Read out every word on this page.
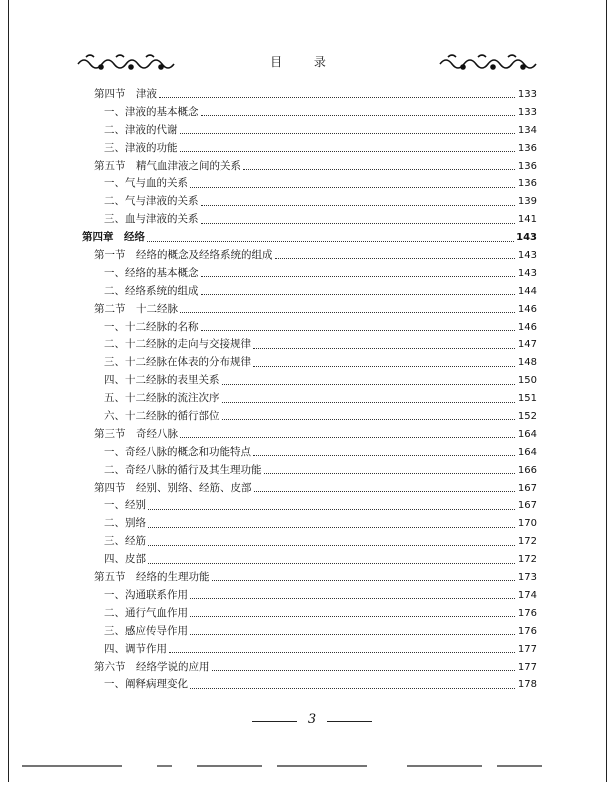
目 录
第四节　津液	133
一、津液的基本概念	133
二、津液的代谢	134
三、津液的功能	136
第五节　精气血津液之间的关系	136
一、气与血的关系	136
二、气与津液的关系	139
三、血与津液的关系	141
第四章　经络	143
第一节　经络的概念及经络系统的组成	143
一、经络的基本概念	143
二、经络系统的组成	144
第二节　十二经脉	146
一、十二经脉的名称	146
二、十二经脉的走向与交接规律	147
三、十二经脉在体表的分布规律	148
四、十二经脉的表里关系	150
五、十二经脉的流注次序	151
六、十二经脉的循行部位	152
第三节　奇经八脉	164
一、奇经八脉的概念和功能特点	164
二、奇经八脉的循行及其生理功能	166
第四节　经别、别络、经筋、皮部	167
一、经别	167
二、别络	170
三、经筋	172
四、皮部	172
第五节　经络的生理功能	173
一、沟通联系作用	174
二、通行气血作用	176
三、感应传导作用	176
四、调节作用	177
第六节　经络学说的应用	177
一、阐释病理变化	178
3
